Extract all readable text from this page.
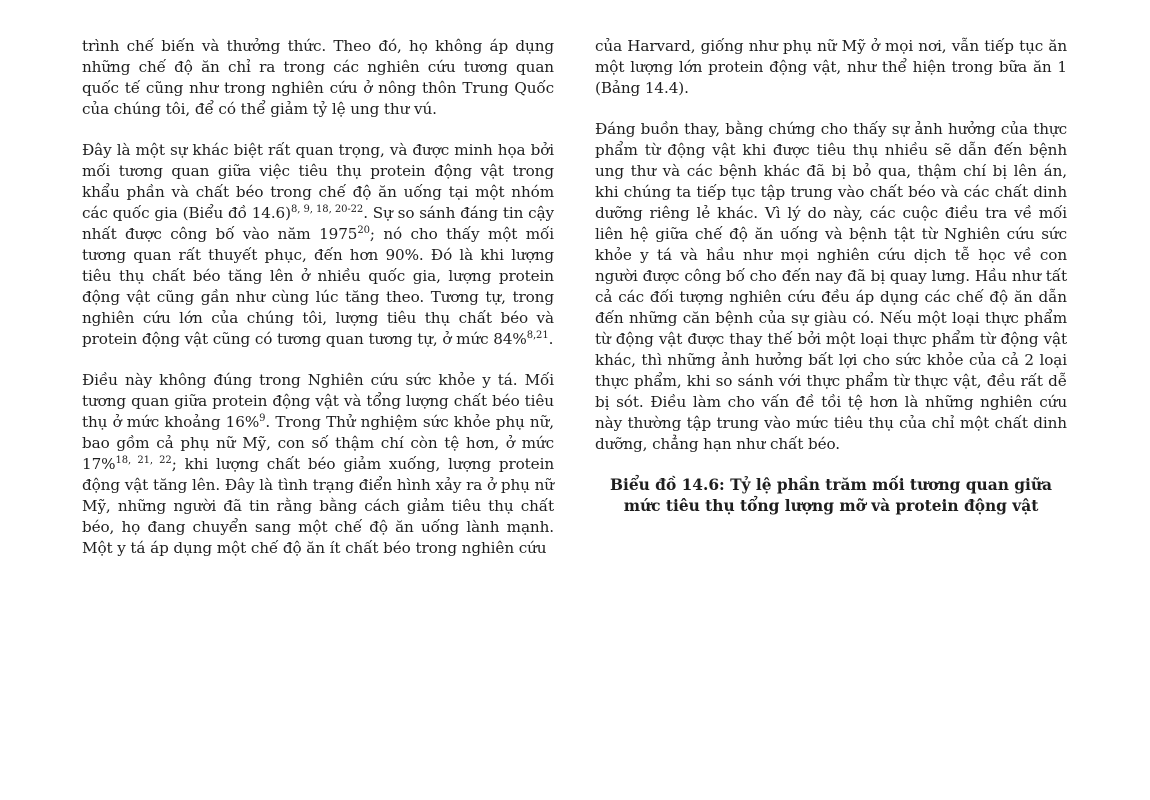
trình chế biến và thưởng thức. Theo đó, họ không áp dụng những chế độ ăn chỉ ra trong các nghiên cứu tương quan quốc tế cũng như trong nghiên cứu ở nông thôn Trung Quốc của chúng tôi, để có thể giảm tỷ lệ ung thư vú.

Đây là một sự khác biệt rất quan trọng, và được minh họa bởi mối tương quan giữa việc tiêu thụ protein động vật trong khẩu phần và chất béo trong chế độ ăn uống tại một nhóm các quốc gia (Biểu đồ 14.6)$^{8, 9, 18, 20-22}$. Sự so sánh đáng tin cậy nhất được công bố vào năm 1975$^{20}$; nó cho thấy một mối tương quan rất thuyết phục, đến hơn 90%. Đó là khi lượng tiêu thụ chất béo tăng lên ở nhiều quốc gia, lượng protein động vật cũng gần như cùng lúc tăng theo. Tương tự, trong nghiên cứu lớn của chúng tôi, lượng tiêu thụ chất béo và protein động vật cũng có tương quan tương tự, ở mức 84%$^{8,21}$.

Điều này không đúng trong Nghiên cứu sức khỏe y tá. Mối tương quan giữa protein động vật và tổng lượng chất béo tiêu thụ ở mức khoảng 16%$^9$. Trong Thử nghiệm sức khỏe phụ nữ, bao gồm cả phụ nữ Mỹ, con số thậm chí còn tệ hơn, ở mức 17%$^{18, 21, 22}$; khi lượng chất béo giảm xuống, lượng protein động vật tăng lên. Đây là tình trạng điển hình xảy ra ở phụ nữ Mỹ, những người đã tin rằng bằng cách giảm tiêu thụ chất béo, họ đang chuyển sang một chế độ ăn uống lành mạnh. Một y tá áp dụng một chế độ ăn ít chất béo trong nghiên cứu

của Harvard, giống như phụ nữ Mỹ ở mọi nơi, vẫn tiếp tục ăn một lượng lớn protein động vật, như thể hiện trong bữa ăn 1 (Bảng 14.4).

Đáng buồn thay, bằng chứng cho thấy sự ảnh hưởng của thực phẩm từ động vật khi được tiêu thụ nhiều sẽ dẫn đến bệnh ung thư và các bệnh khác đã bị bỏ qua, thậm chí bị lên án, khi chúng ta tiếp tục tập trung vào chất béo và các chất dinh dưỡng riêng lẻ khác. Vì lý do này, các cuộc điều tra về mối liên hệ giữa chế độ ăn uống và bệnh tật từ Nghiên cứu sức khỏe y tá và hầu như mọi nghiên cứu dịch tễ học về con người được công bố cho đến nay đã bị quay lưng. Hầu như tất cả các đối tượng nghiên cứu đều áp dụng các chế độ ăn dẫn đến những căn bệnh của sự giàu có. Nếu một loại thực phẩm từ động vật được thay thế bởi một loại thực phẩm từ động vật khác, thì những ảnh hưởng bất lợi cho sức khỏe của cả 2 loại thực phẩm, khi so sánh với thực phẩm từ thực vật, đều rất dễ bị sót. Điều làm cho vấn đề tồi tệ hơn là những nghiên cứu này thường tập trung vào mức tiêu thụ của chỉ một chất dinh dưỡng, chẳng hạn như chất béo.

Biểu đồ 14.6: Tỷ lệ phần trăm mối tương quan giữa mức tiêu thụ tổng lượng mỡ và protein động vật
